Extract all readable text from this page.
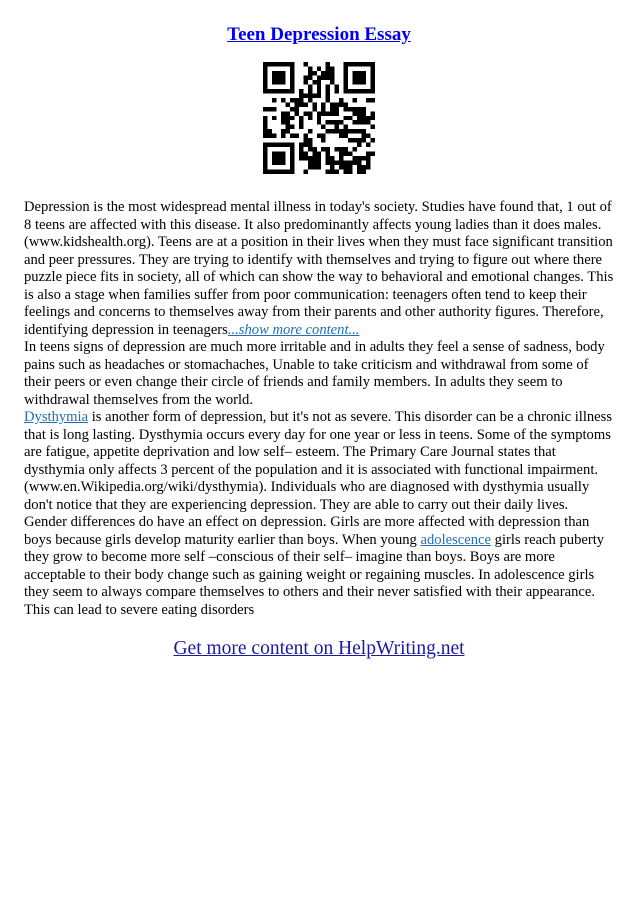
Teen Depression Essay

Depression is the most widespread mental illness in today's society. Studies have found that, 1 out of 8 teens are affected with this disease. It also predominantly affects young ladies than it does males. (www.kidshealth.org). Teens are at a position in their lives when they must face significant transition and peer pressures. They are trying to identify with themselves and trying to figure out where there puzzle piece fits in society, all of which can show the way to behavioral and emotional changes. This is also a stage when families suffer from poor communication: teenagers often tend to keep their feelings and concerns to themselves away from their parents and other authority figures. Therefore, identifying depression in teenagers...show more content...

In teens signs of depression are much more irritable and in adults they feel a sense of sadness, body pains such as headaches or stomachaches, Unable to take criticism and withdrawal from some of their peers or even change their circle of friends and family members. In adults they seem to withdrawal themselves from the world.

Dysthymia is another form of depression, but it's not as severe. This disorder can be a chronic illness that is long lasting. Dysthymia occurs every day for one year or less in teens. Some of the symptoms are fatigue, appetite deprivation and low self– esteem. The Primary Care Journal states that dysthymia only affects 3 percent of the population and it is associated with functional impairment. (www.en.Wikipedia.org/wiki/dysthymia). Individuals who are diagnosed with dysthymia usually don't notice that they are experiencing depression. They are able to carry out their daily lives.

Gender differences do have an effect on depression. Girls are more affected with depression than boys because girls develop maturity earlier than boys. When young adolescence girls reach puberty they grow to become more self –conscious of their self– imagine than boys. Boys are more acceptable to their body change such as gaining weight or regaining muscles. In adolescence girls they seem to always compare themselves to others and their never satisfied with their appearance. This can lead to severe eating disorders

Get more content on HelpWriting.net
